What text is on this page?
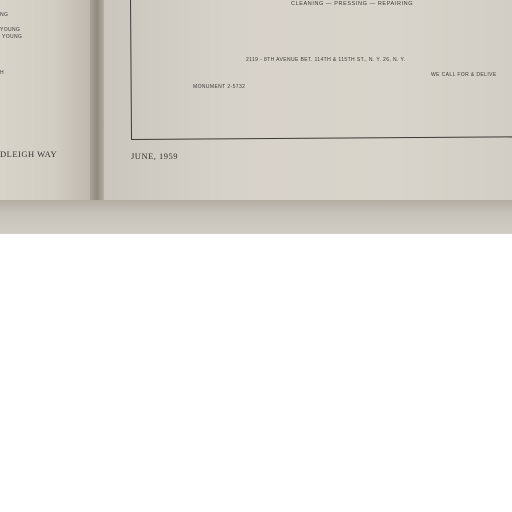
NG
YOUNG
YOUNG
H
DLEIGH WAY
CLEANING — PRESSING — REPAIRING
2119 - 8TH AVENUE BET. 114TH & 115TH ST., N. Y. 26, N. Y.
MONUMENT 2-5732
WE CALL FOR & DELIVE
JUNE, 1959
